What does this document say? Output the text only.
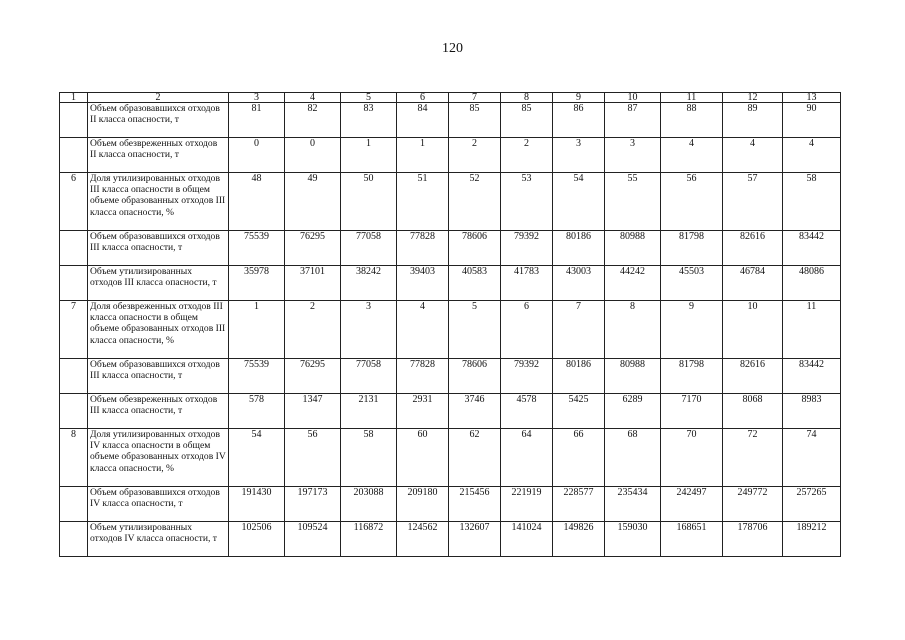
120
1	2	3	4	5	6	7	8	9	10	11	12	13
	Объем образовавшихся отходов II класса опасности, т	81	82	83	84	85	85	86	87	88	89	90
	Объем обезвреженных отходов II класса опасности, т	0	0	1	1	2	2	3	3	4	4	4
6	Доля утилизированных отходов III класса опасности в общем объеме образованных отходов III класса опасности, %	48	49	50	51	52	53	54	55	56	57	58
	Объем образовавшихся отходов III класса опасности, т	75539	76295	77058	77828	78606	79392	80186	80988	81798	82616	83442
	Объем утилизированных отходов III класса опасности, т	35978	37101	38242	39403	40583	41783	43003	44242	45503	46784	48086
7	Доля обезвреженных отходов III класса опасности в общем объеме образованных отходов III класса опасности, %	1	2	3	4	5	6	7	8	9	10	11
	Объем образовавшихся отходов III класса опасности, т	75539	76295	77058	77828	78606	79392	80186	80988	81798	82616	83442
	Объем обезвреженных отходов III класса опасности, т	578	1347	2131	2931	3746	4578	5425	6289	7170	8068	8983
8	Доля утилизированных отходов IV класса опасности в общем объеме образованных отходов IV класса опасности, %	54	56	58	60	62	64	66	68	70	72	74
	Объем образовавшихся отходов IV класса опасности, т	191430	197173	203088	209180	215456	221919	228577	235434	242497	249772	257265
	Объем утилизированных отходов IV класса опасности, т	102506	109524	116872	124562	132607	141024	149826	159030	168651	178706	189212
